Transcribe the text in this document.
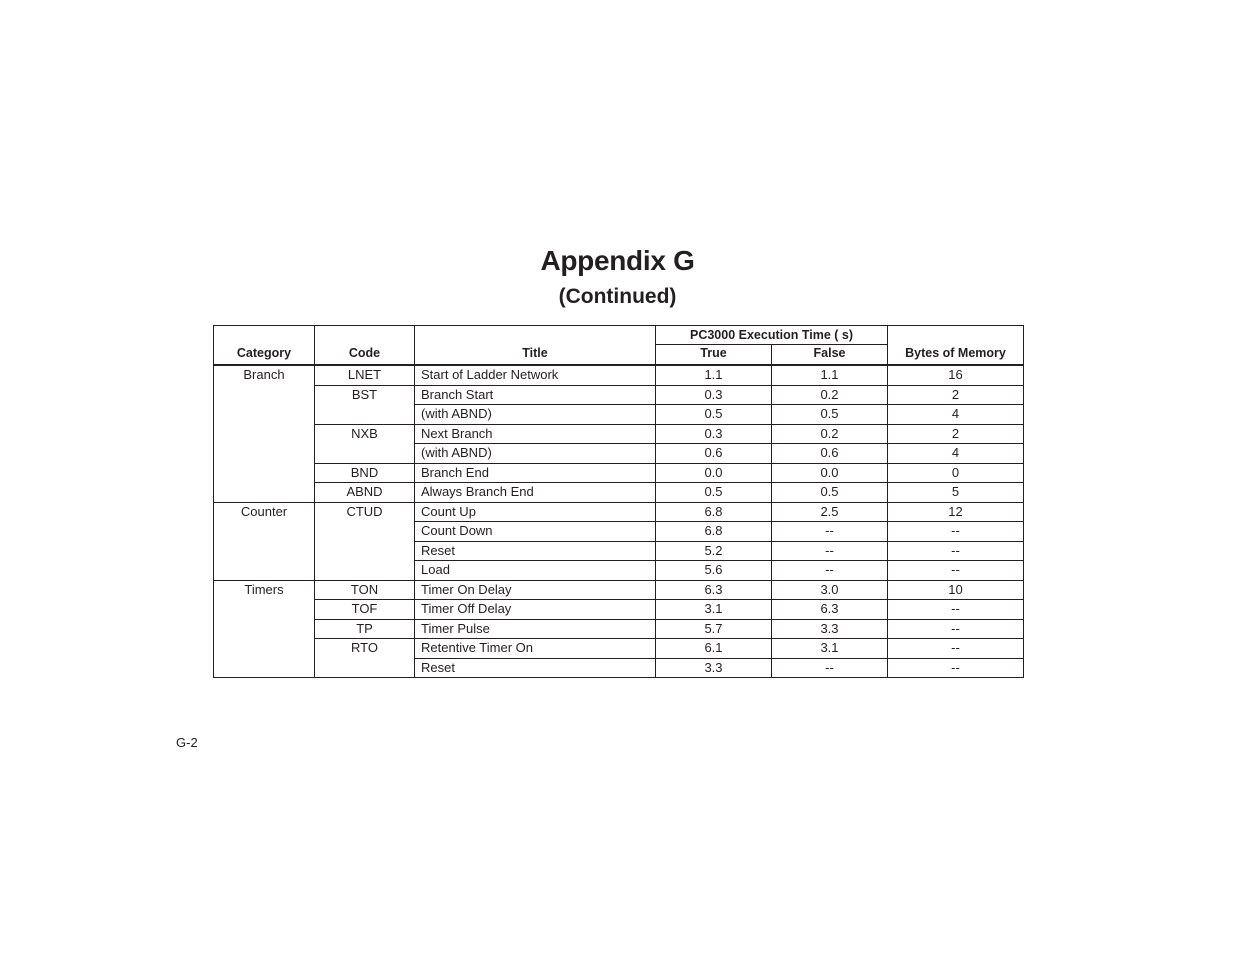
Appendix G
(Continued)
Category	Code	Title	PC3000 Execution Time ( s)		Bytes of Memory
			True	False	
Branch	LNET	Start of Ladder Network	1.1	1.1	16
	BST	Branch Start	0.3	0.2	2
		(with ABND)	0.5	0.5	4
	NXB	Next Branch	0.3	0.2	2
		(with ABND)	0.6	0.6	4
	BND	Branch End	0.0	0.0	0
	ABND	Always Branch End	0.5	0.5	5
Counter	CTUD	Count Up	6.8	2.5	12
		Count Down	6.8	--	--
		Reset	5.2	--	--
		Load	5.6	--	--
Timers	TON	Timer On Delay	6.3	3.0	10
	TOF	Timer Off Delay	3.1	6.3	--
	TP	Timer Pulse	5.7	3.3	--
	RTO	Retentive Timer On	6.1	3.1	--
		Reset	3.3	--	--
G-2
